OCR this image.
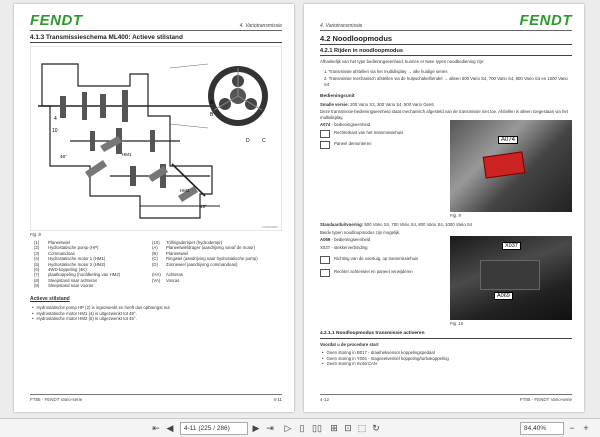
FENDT	4. Variotransmissie
4.1.3 Transmissieschema ML400: Actieve stilstand
A
B
C
D
10
4
48°	HM1
HM2
45°
FC0000000
Fig. 8
(1)	Planeetwiel	(10)	Trillingsdemper (hydrodempr)
(2)	Hydrostatische pomp (HP)	(A)	Planeetwieldrager (aandrijving vanaf de motor)
(3)	Commandoas	(B)	Planeetwiel
(4)	Hydrostatische motor 1 (HM1)	(C)	Ringwiel (aandrijving naar hydrostatische pomp)
(5)	Hydrostatische motor 2 (HM2)	(D)	Zonnewiel (aandrijving commandoas)
(6)	4WD-koppeling (4K)
(7)	plaatkoppeling (hoofdkeling van HM2)	(HA)	Achteras
(8)	Sleepstand naar achteras	(VA)	Vooras
(9)	Sleepstand naar vooras
Actieve stilstand
• Hydrostatische pomp HP (2) is ingezwenkt en heeft dus opbrengst nul.
• Hydrostatische motor HM1 (4) is uitgezwenkt tot 48°.
• Hydrostatische motor HM2 (5) is uitgezwenkt tot 45°.
FT85 - FENDT Vario-serie	4-11
4. Variotransmissie	FENDT
4.2 Noodloopmodus
4.2.1 Rijden in noodloopmodus
Afhankelijk van het type bedieningseenheid, kunnen er twee typen noodbediening zijn:
1. Transmissie afstellen via het multidisplay → alle huidige series
2. Transmissie mechanisch afstellen via de hulpschakelhendel → alleen 500 Vario S4, 700 Vario S4, 800 Vario S4 en 1000 Vario S4
Bedieningsunit
Smalle versie: 200 Vario S3, 300 Vario S4, 500 Vario Gen6
Deze transmissie-bedieningseenheid staat mechanisch afgesteld van de transmissie niet toe. Afstellen is alleen toegestaan via het multidisplay.
A074 - bedieningseenheid
Rechterkant van het transmissiehuis
Paneel demonteren
A074
Fig. 9
Standaarduitvoering: 500 Vario S4, 700 Vario S4, 800 Vario S4, 1000 Vario S4
Beide typen noodloopmodus zijn mogelijk.
A069 - bedieningseenheid
X037 - stekkerverbinding
Richting van de voertuig, op transmissiehuis
Rechter achterwiel en paneel verwijderen
X037
A069
Fig. 10
4.2.1.1 Noodloopmodus transmissie activeren
Voordat u de procedure start
• Geen storing in B017 - draaiheksensor koppelingspedaal
• Geen storing in Y004 - magneetventiel koppeling/turbokoppeling
• Geen storing in motorCAN
4-12	FT85 - FENDT Vario-serie
⇤ ◀	4-11 (225 / 286)	▶ ⇥ ▷ ▯ ▯▯ ⊞ ⊡ ⬚ ↻	84,40%	− +
